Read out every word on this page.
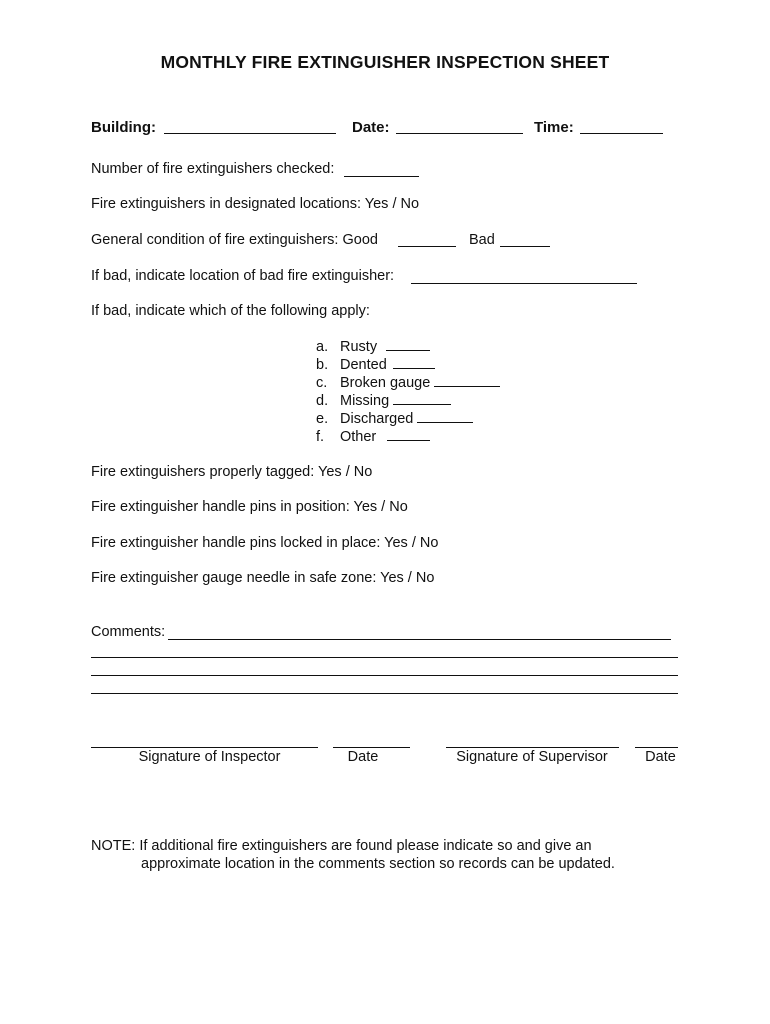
MONTHLY FIRE EXTINGUISHER INSPECTION SHEET
Building:	Date:	Time:
Number of fire extinguishers checked:
Fire extinguishers in designated locations: Yes / No
General condition of fire extinguishers: Good	Bad
If bad, indicate location of bad fire extinguisher:
If bad, indicate which of the following apply:
a. Rusty
b. Dented
c. Broken gauge
d. Missing
e. Discharged
f.	Other
Fire extinguishers properly tagged: Yes / No
Fire extinguisher handle pins in position: Yes / No
Fire extinguisher handle pins locked in place: Yes / No
Fire extinguisher gauge needle in safe zone: Yes / No
Comments:
Signature of Inspector	Date	Signature of Supervisor	Date
NOTE: If additional fire extinguishers are found please indicate so and give an
approximate location in the comments section so records can be updated.
